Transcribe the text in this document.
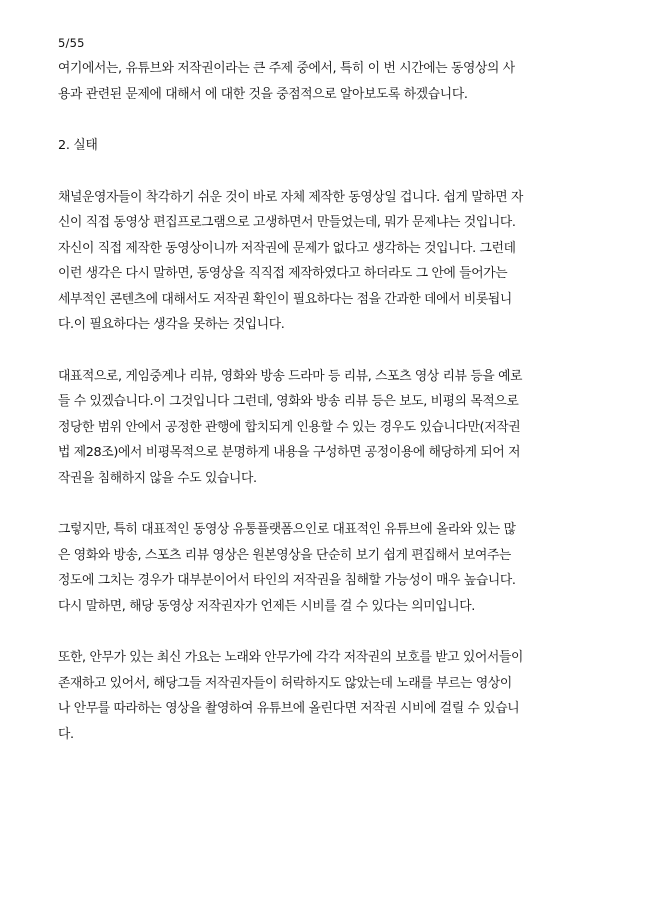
5/55

여기에서는, 유튜브와 저작권이라는 큰 주제 중에서, 특히 이 번 시간에는 동영상의 사
용과 관련된 문제에 대해서 에 대한 것을 중점적으로 알아보도록 하겠습니다.

2. 실태

채널운영자들이 착각하기 쉬운 것이 바로 자체 제작한 동영상일 겁니다. 쉽게 말하면 자
신이 직접 동영상 편집프로그램으로 고생하면서 만들었는데, 뭐가 문제냐는 것입니다.
자신이 직접 제작한 동영상이니까 저작권에 문제가 없다고 생각하는 것입니다. 그런데
이런 생각은 다시 말하면, 동영상을 직직접 제작하였다고 하더라도 그 안에 들어가는
세부적인 콘텐츠에 대해서도 저작권 확인이 필요하다는 점을 간과한 데에서 비롯됩니
다.이 필요하다는 생각을 못하는 것입니다.

대표적으로, 게임중계나 리뷰, 영화와 방송 드라마 등 리뷰, 스포츠 영상 리뷰 등을 예로
들 수 있겠습니다.이 그것입니다 그런데, 영화와 방송 리뷰 등은 보도, 비평의 목적으로
정당한 범위 안에서 공정한 관행에 합치되게 인용할 수 있는 경우도 있습니다만(저작권
법 제28조)에서 비평목적으로 분명하게 내용을 구성하면 공정이용에 해당하게 되어 저
작권을 침해하지 않을 수도 있습니다.

그렇지만, 특히 대표적인 동영상 유통플랫폼으인로 대표적인 유튜브에 올라와 있는 많
은 영화와 방송, 스포츠 리뷰 영상은 원본영상을 단순히 보기 쉽게 편집해서 보여주는
정도에 그치는 경우가 대부분이어서 타인의 저작권을 침해할 가능성이 매우 높습니다.
다시 말하면, 해당 동영상 저작권자가 언제든 시비를 걸 수 있다는 의미입니다.

또한, 안무가 있는 최신 가요는 노래와 안무가에 각각 저작권의 보호를 받고 있어서들이
존재하고 있어서, 해당그들 저작권자들이 허락하지도 않았는데 노래를 부르는 영상이
나 안무를 따라하는 영상을 촬영하여 유튜브에 올린다면 저작권 시비에 걸릴 수 있습니
다.
